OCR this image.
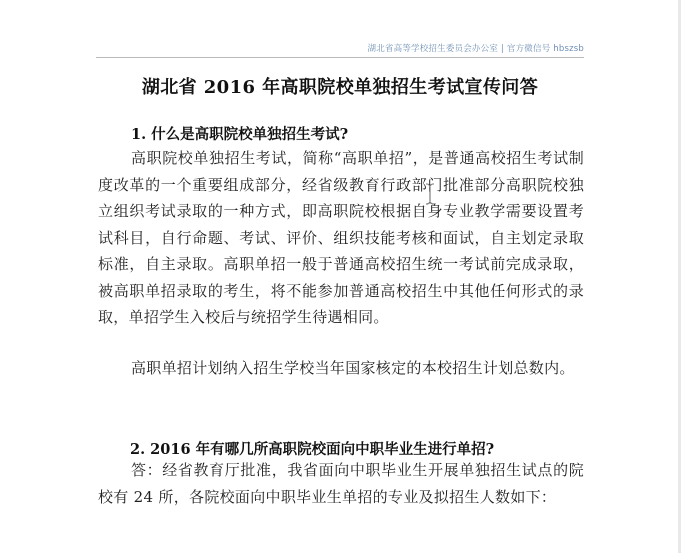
湖北省高等学校招生委员会办公室 | 官方微信号 hbszsb
湖北省 2016 年高职院校单独招生考试宣传问答
1. 什么是高职院校单独招生考试?
高职院校单独招生考试，简称“高职单招”，是普通高校招生考试制度改革的一个重要组成部分，经省级教育行政部门批准部分高职院校独立组织考试录取的一种方式，即高职院校根据自身专业教学需要设置考试科目，自行命题、考试、评价、组织技能考核和面试，自主划定录取标准，自主录取。高职单招一般于普通高校招生统一考试前完成录取，被高职单招录取的考生，将不能参加普通高校招生中其他任何形式的录取，单招学生入校后与统招学生待遇相同。
高职单招计划纳入招生学校当年国家核定的本校招生计划总数内。
2. 2016 年有哪几所高职院校面向中职毕业生进行单招?
答：经省教育厅批准，我省面向中职毕业生开展单独招生试点的院校有 24 所，各院校面向中职毕业生单招的专业及拟招生人数如下：
